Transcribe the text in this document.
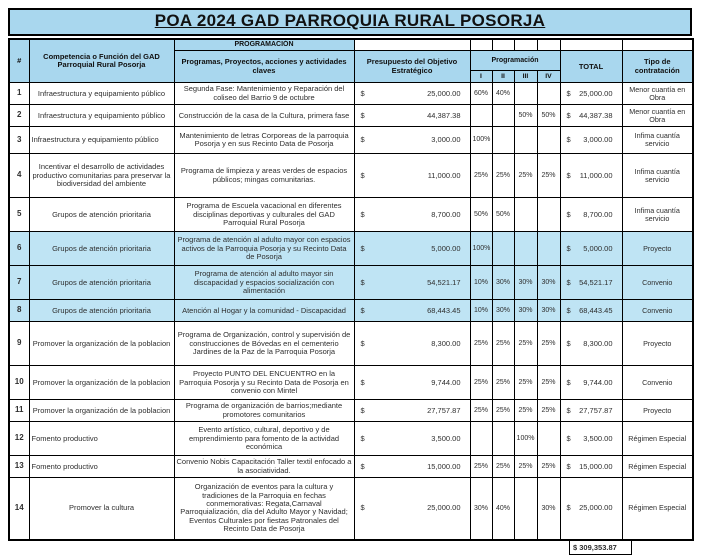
POA 2024 GAD PARROQUIA RURAL POSORJA
#	Competencia o Función del GAD Parroquial Rural Posorja	PROGRAMACIÓN							
		Programas, Proyectos, acciones y actividades claves	Presupuesto del Objetivo Estratégico	Programación				TOTAL	Tipo de contratación
				I	II	III	IV		
1	Infraestructura y equipamiento público	Segunda Fase: Mantenimiento y Reparación del coliseo del Barrio 9 de octubre	$ 25,000.00	60%	40%			$ 25,000.00	Menor cuantía en Obra
2	Infraestructura y equipamiento público	Construcción de la casa de la Cultura, primera fase	$ 44,387.38			50%	50%	$ 44,387.38	Menor cuantía en Obra
3	Infraestructura y equipamiento público	Mantenimiento de letras Corporeas de la parroquia Posorja y en sus Recinto Data de Posorja	$ 3,000.00	100%				$ 3,000.00	Infima cuantía servicio
4	Incentivar el desarrollo de actividades productivo comunitarias para preservar la biodiversidad del ambiente	Programa de limpieza y areas verdes de espacios públicos; mingas comunitarias.	$ 11,000.00	25%	25%	25%	25%	$ 11,000.00	Infima cuantía servicio
5	Grupos de atención prioritaria	Programa de Escuela vacacional en diferentes disciplinas deportivas y culturales del GAD Parroquial Rural Posorja	$ 8,700.00	50%	50%			$ 8,700.00	Infima cuantía servicio
6	Grupos de atención prioritaria	Programa de atención al adulto mayor con espacios activos de la Parroquia Posorja y su Recinto Data de Posorja	$ 5,000.00	100%				$ 5,000.00	Proyecto
7	Grupos de atención prioritaria	Programa de atención al adulto mayor sin discapacidad y espacios socialización con alimentación	$ 54,521.17	10%	30%	30%	30%	$ 54,521.17	Convenio
8	Grupos de atención prioritaria	Atención al Hogar y la comunidad - Discapacidad	$ 68,443.45	10%	30%	30%	30%	$ 68,443.45	Convenio
9	Promover la organización de la poblacion	Programa de Organización, control y supervisión de construcciones de Bóvedas en el cementerio Jardines de la Paz de la Parroquia Posorja	$ 8,300.00	25%	25%	25%	25%	$ 8,300.00	Proyecto
10	Promover la organización de la poblacion	Proyecto PUNTO DEL ENCUENTRO en la Parroquia Posorja y su Recinto Data de Posorja en convenio con Mintel	$ 9,744.00	25%	25%	25%	25%	$ 9,744.00	Convenio
11	Promover la organización de la poblacion	Programa de organización de barrios;mediante promotores comunitarios	$ 27,757.87	25%	25%	25%	25%	$ 27,757.87	Proyecto
12	Fomento productivo	Evento artístico, cultural, deportivo y de emprendimiento para fomento de la actividad económica	$ 3,500.00			100%		$ 3,500.00	Régimen Especial
13	Fomento productivo	Convenio Nobis Capacitación Taller textil enfocado a la asociatividad.	$ 15,000.00	25%	25%	25%	25%	$ 15,000.00	Régimen Especial
14	Promover la cultura	Organización de eventos para la cultura y tradiciones de la Parroquia en fechas conmemorativas: Regata,Carnaval Parroquialización, día del Adulto Mayor y Navidad; Eventos Culturales por fiestas Patronales del Recinto Data de Posorja	$ 25,000.00	30%	40%		30%	$ 25,000.00	Régimen Especial
$ 309,353.87
